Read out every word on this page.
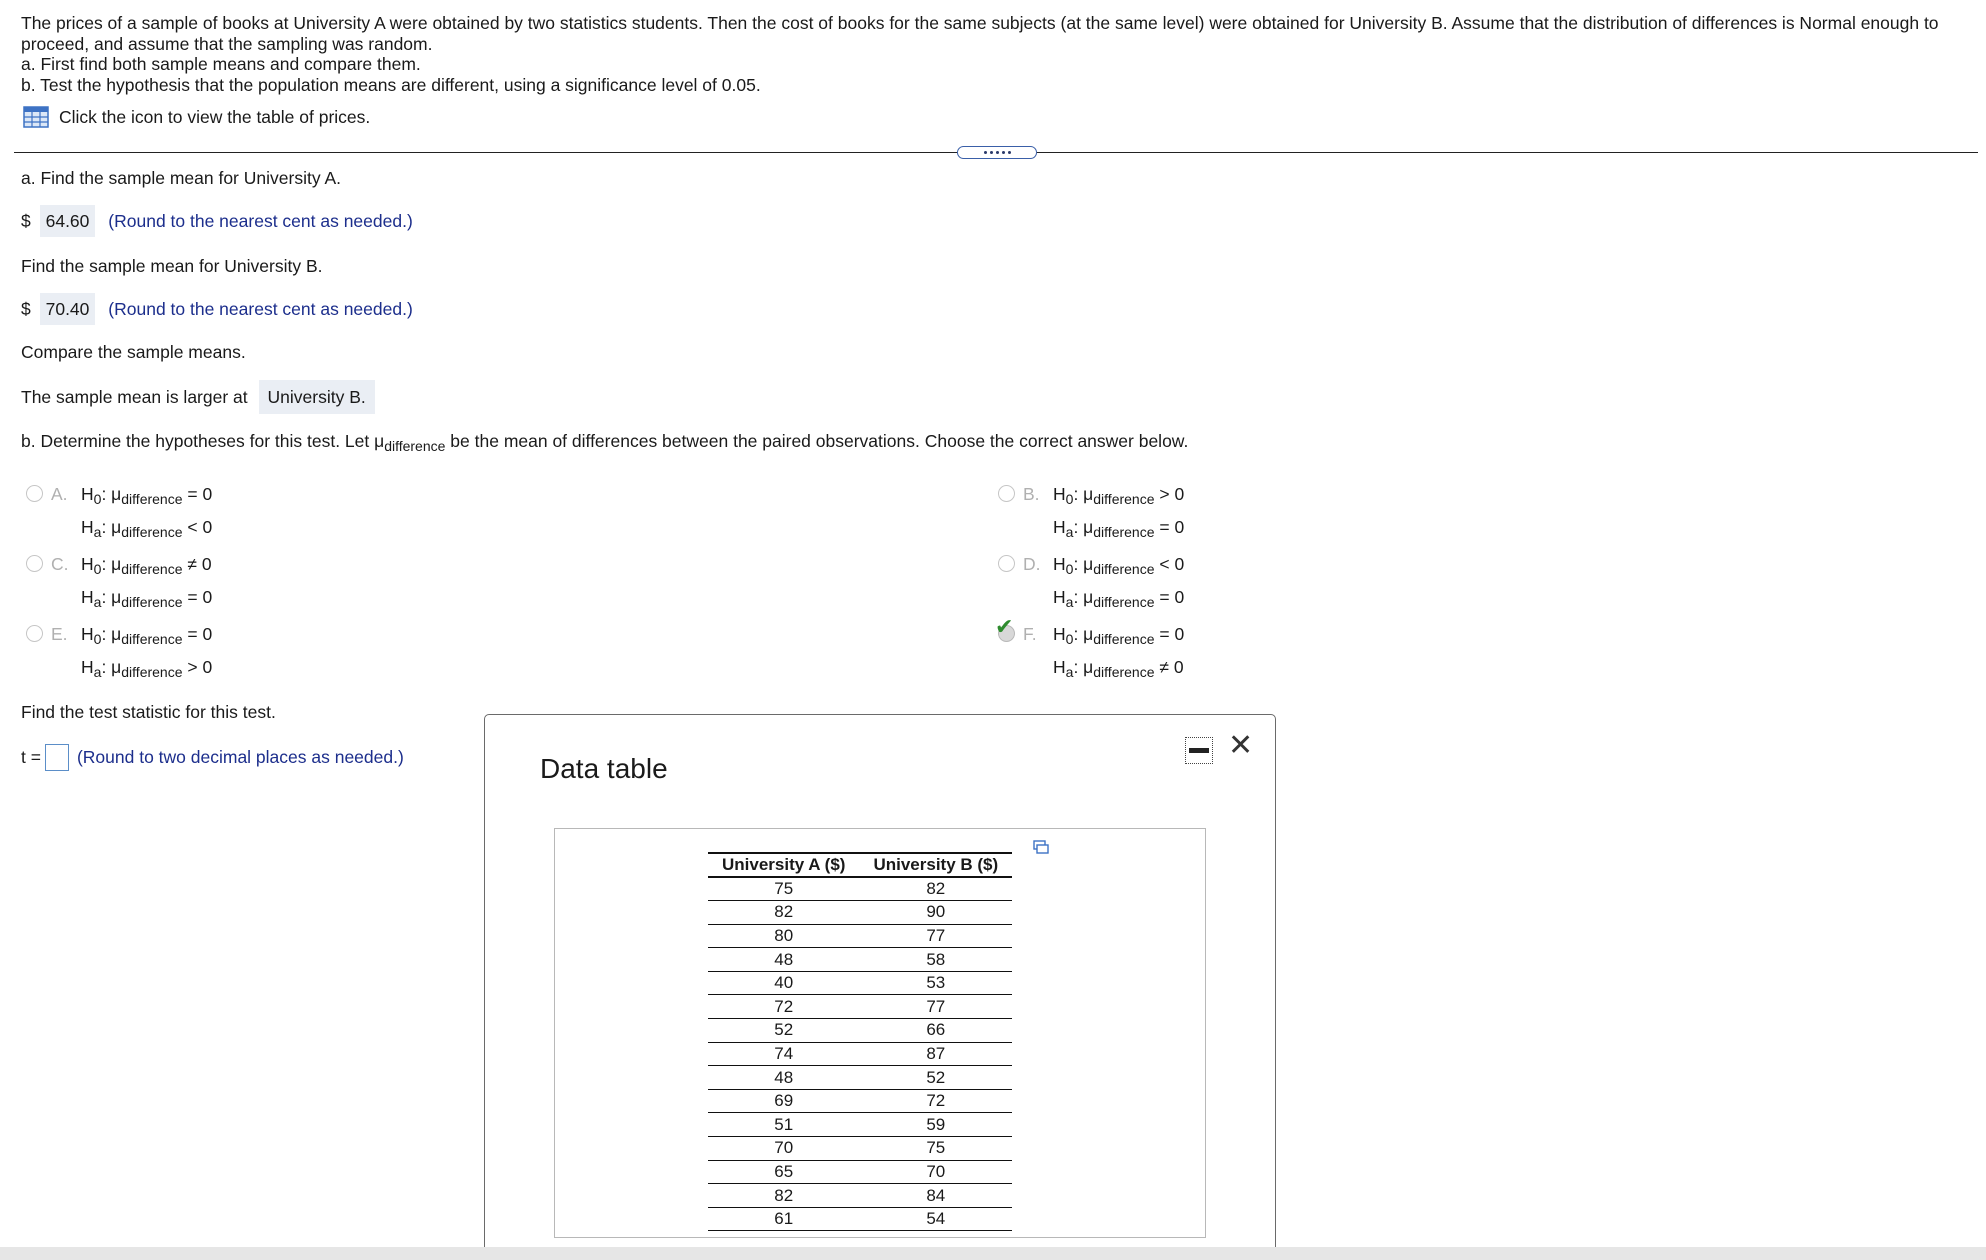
The prices of a sample of books at University A were obtained by two statistics students. Then the cost of books for the same subjects (at the same level) were obtained for University B. Assume that the distribution of differences is Normal enough to proceed, and assume that the sampling was random.

a. First find both sample means and compare them.

b. Test the hypothesis that the population means are different, using a significance level of 0.05.

Click the icon to view the table of prices.
a. Find the sample mean for University A.
$ 64.60 (Round to the nearest cent as needed.)
Find the sample mean for University B.
$ 70.40 (Round to the nearest cent as needed.)
Compare the sample means.
The sample mean is larger at University B.
b. Determine the hypotheses for this test. Let $\mu_{difference}$ be the mean of differences between the paired observations. Choose the correct answer below.
A. $H_0$: $\mu_{difference} = 0$
$H_a$: $\mu_{difference} < 0$
B. $H_0$: $\mu_{difference} > 0$
$H_a$: $\mu_{difference} = 0$
C. $H_0$: $\mu_{difference} \ne 0$
$H_a$: $\mu_{difference} = 0$
D. $H_0$: $\mu_{difference} < 0$
$H_a$: $\mu_{difference} = 0$
E. $H_0$: $\mu_{difference} = 0$
$H_a$: $\mu_{difference} > 0$
✔ F. $H_0$: $\mu_{difference} = 0$
$H_a$: $\mu_{difference} \ne 0$
Find the test statistic for this test.
t = (Round to two decimal places as needed.)	Data table
✕
University A ($)	University B ($)
75	82
82	90
80	77
48	58
40	53
72	77
52	66
74	87
48	52
69	72
51	59
70	75
65	70
82	84
61	54
